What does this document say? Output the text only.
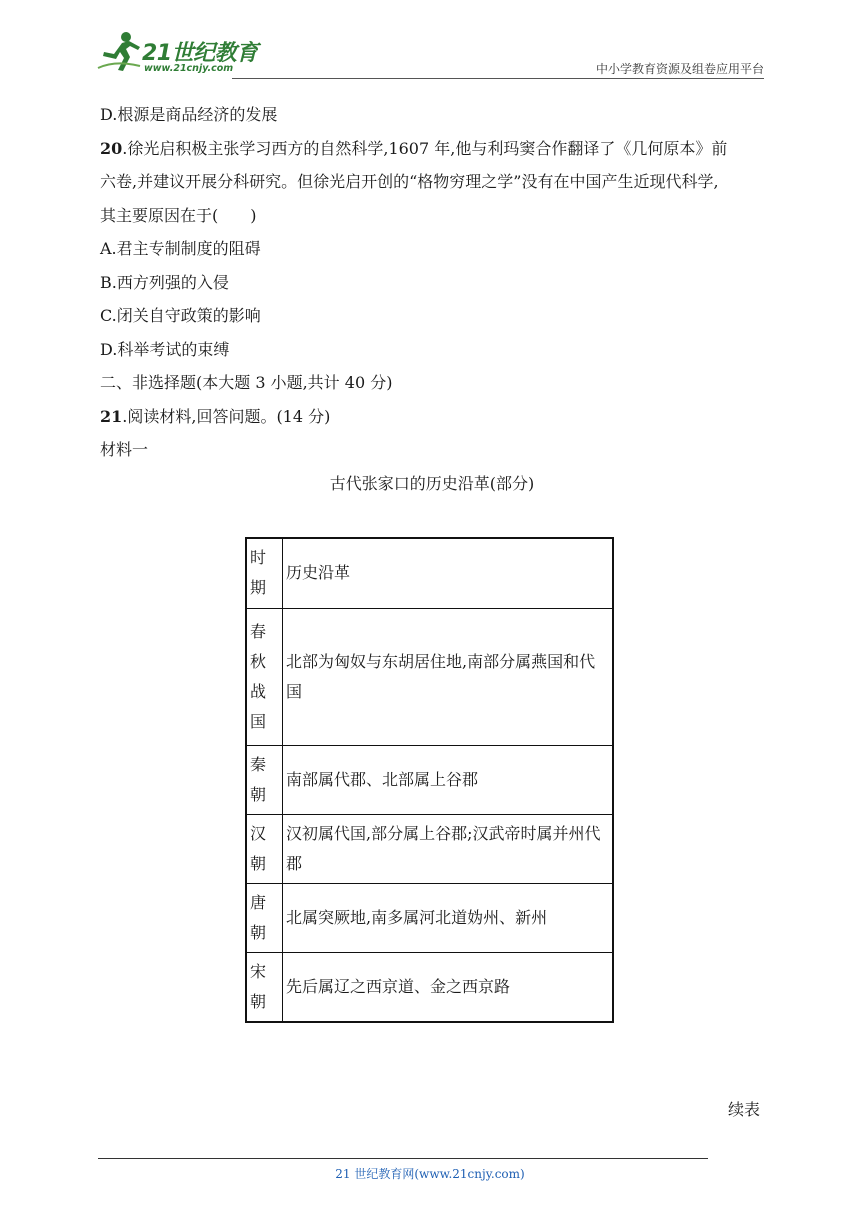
21世纪教育
www.21cnjy.com	中小学教育资源及组卷应用平台

D.根源是商品经济的发展

20.徐光启积极主张学习西方的自然科学,1607 年,他与利玛窦合作翻译了《几何原本》前

六卷,并建议开展分科研究。但徐光启开创的“格物穷理之学”没有在中国产生近现代科学,

其主要原因在于(　　)

A.君主专制制度的阻碍

B.西方列强的入侵

C.闭关自守政策的影响

D.科举考试的束缚

二、非选择题(本大题 3 小题,共计 40 分)

21.阅读材料,回答问题。(14 分)

材料一

古代张家口的历史沿革(部分)

时期	历史沿革

春秋战国	北部为匈奴与东胡居住地,南部分属燕国和代国

秦朝	南部属代郡、北部属上谷郡

汉朝	汉初属代国,部分属上谷郡;汉武帝时属并州代郡

唐朝	北属突厥地,南多属河北道妫州、新州

宋朝	先后属辽之西京道、金之西京路
续表
21 世纪教育网(www.21cnjy.com)
